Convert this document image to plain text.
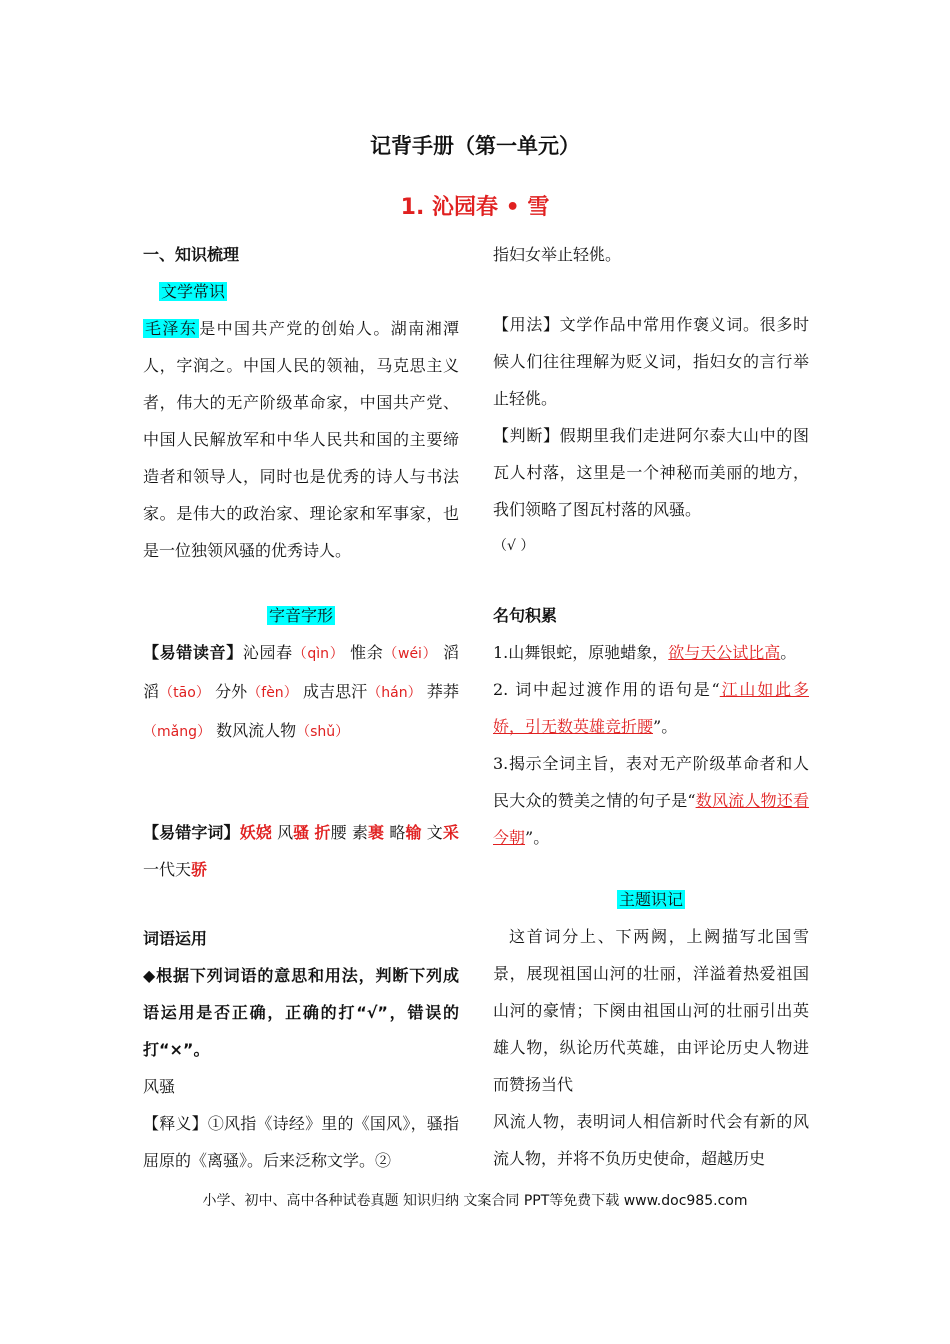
记背手册（第一单元）
1. 沁园春 • 雪

一、知识梳理

文学常识

毛泽东 是中国共产党的创始人。湖南湘潭人，字润之。中国人民的领袖，马克思主义者，伟大的无产阶级革命家，中国共产党、中国人民解放军和中华人民共和国的主要缔造者和领导人，同时也是优秀的诗人与书法家。是伟大的政治家、理论家和军事家，也是一位独领风骚的优秀诗人。

字音字形

【易错读音】沁园春（qìn） 惟余（wéi） 滔滔（tāo） 分外（fèn） 成吉思汗（hán） 莽莽（mǎng） 数风流人物（shǔ）

【易错字词】妖娆 风骚 折腰 素裹 略输 文采 一代天骄

词语运用

◆根据下列词语的意思和用法，判断下列成语运用是否正确，正确的打“√”，错误的打“×”。

风骚

【释义】①风指《诗经》里的《国风》，骚指屈原的《离骚》。后来泛称文学。②

指妇女举止轻佻。

【用法】文学作品中常用作褒义词。很多时候人们往往理解为贬义词，指妇女的言行举止轻佻。

【判断】假期里我们走进阿尔泰大山中的图瓦人村落，这里是一个神秘而美丽的地方，我们领略了图瓦村落的风骚。

（√ ）

名句积累

1.山舞银蛇，原驰蜡象，欲与天公试比高。

2. 词中起过渡作用的语句是“江山如此多娇，引无数英雄竞折腰”。

3.揭示全词主旨，表对无产阶级革命者和人民大众的赞美之情的句子是“数风流人物还看今朝”。

主题识记

这首词分上、下两阙，上阙描写北国雪景，展现祖国山河的壮丽，洋溢着热爱祖国山河的豪情；下阕由祖国山河的壮丽引出英雄人物，纵论历代英雄，由评论历史人物进而赞扬当代

风流人物，表明词人相信新时代会有新的风流人物，并将不负历史使命，超越历史

小学、初中、高中各种试卷真题 知识归纳 文案合同 PPT等免费下载 www.doc985.com
